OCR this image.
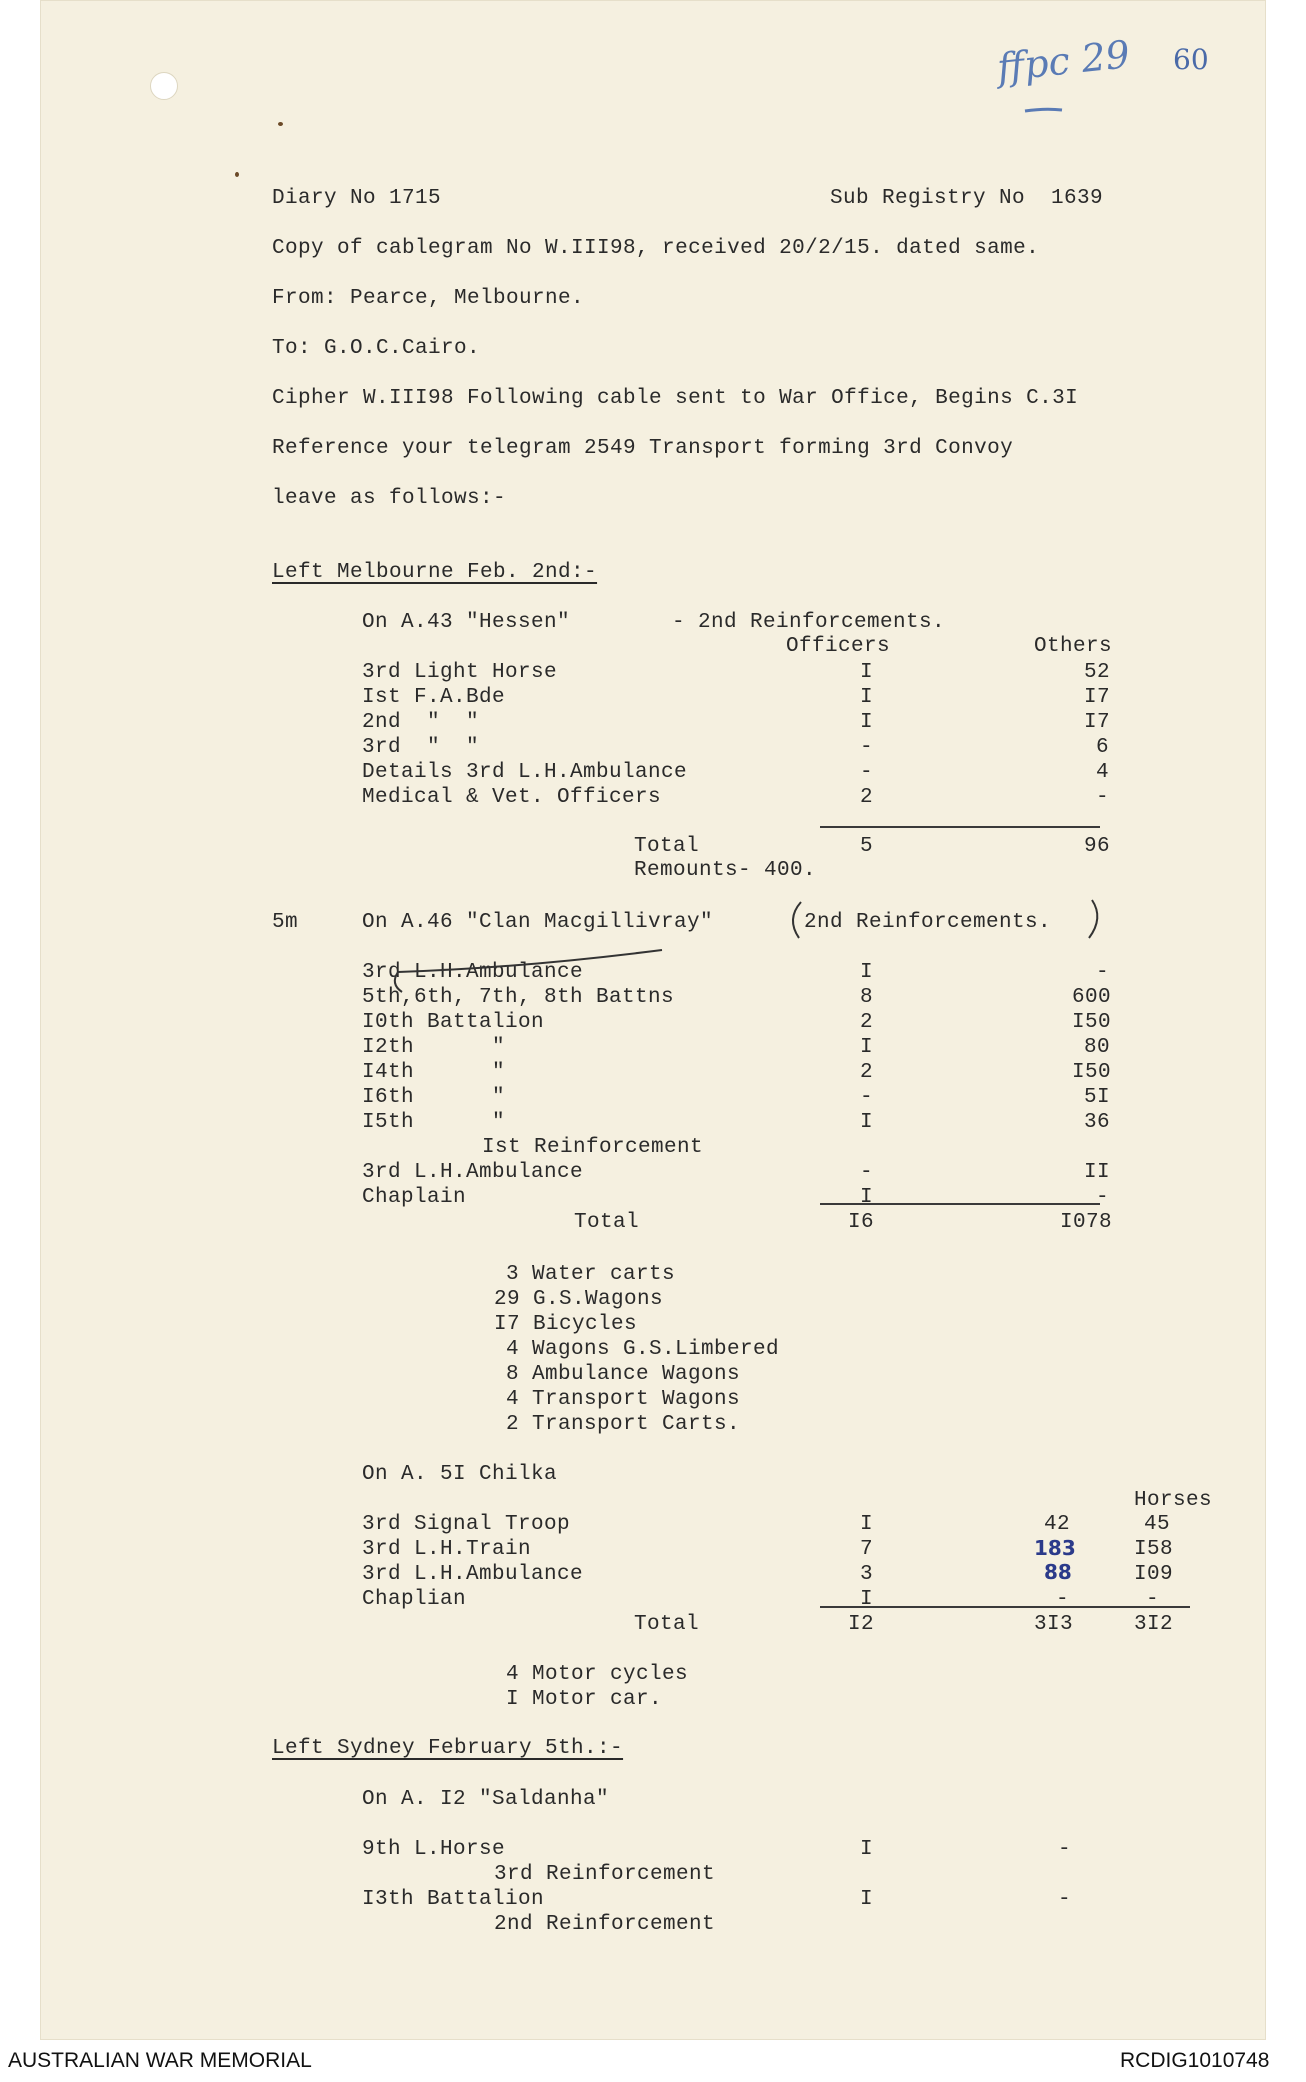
ffpc 29 60
Diary No 1715	Sub Registry No  1639
Copy of cablegram No W.III98, received 20/2/15. dated same.
From: Pearce, Melbourne.
To: G.O.C.Cairo.
Cipher W.III98 Following cable sent to War Office, Begins C.3I
Reference your telegram 2549 Transport forming 3rd Convoy
leave as follows:-
Left Melbourne Feb. 2nd:-
On A.43 "Hessen"	- 2nd Reinforcements.
Officers	Others
3rd Light Horse	I	52
Ist F.A.Bde	I	I7
2nd  "  "	I	I7
3rd  "  "	-	6
Details 3rd L.H.Ambulance	-	4
Medical & Vet. Officers	2	-
Total	5	96
Remounts- 400.
5m	On A.46 "Clan Macgillivray"	2nd Reinforcements.
3rd L.H.Ambulance	I	-
5th,6th, 7th, 8th Battns	8	600
I0th Battalion	2	I50
I2th      "	I	80
I4th      "	2	I50
I6th      "	-	5I
I5th      "	I	36
Ist Reinforcement
3rd L.H.Ambulance	-	II
Chaplain	I	-
Total	I6	I078
3 Water carts
29 G.S.Wagons
I7 Bicycles
4 Wagons G.S.Limbered
8 Ambulance Wagons
4 Transport Wagons
2 Transport Carts.
On A. 5I Chilka
Horses
3rd Signal Troop	I	42	45
3rd L.H.Train	7	183	I58
3rd L.H.Ambulance	3	88	I09
Chaplian	I	-	-
Total	I2	3I3	3I2
4 Motor cycles
I Motor car.
Left Sydney February 5th.:-
On A. I2 "Saldanha"
9th L.Horse	I	-
3rd Reinforcement
I3th Battalion	I	-
2nd Reinforcement
AUSTRALIAN WAR MEMORIAL	RCDIG1010748
